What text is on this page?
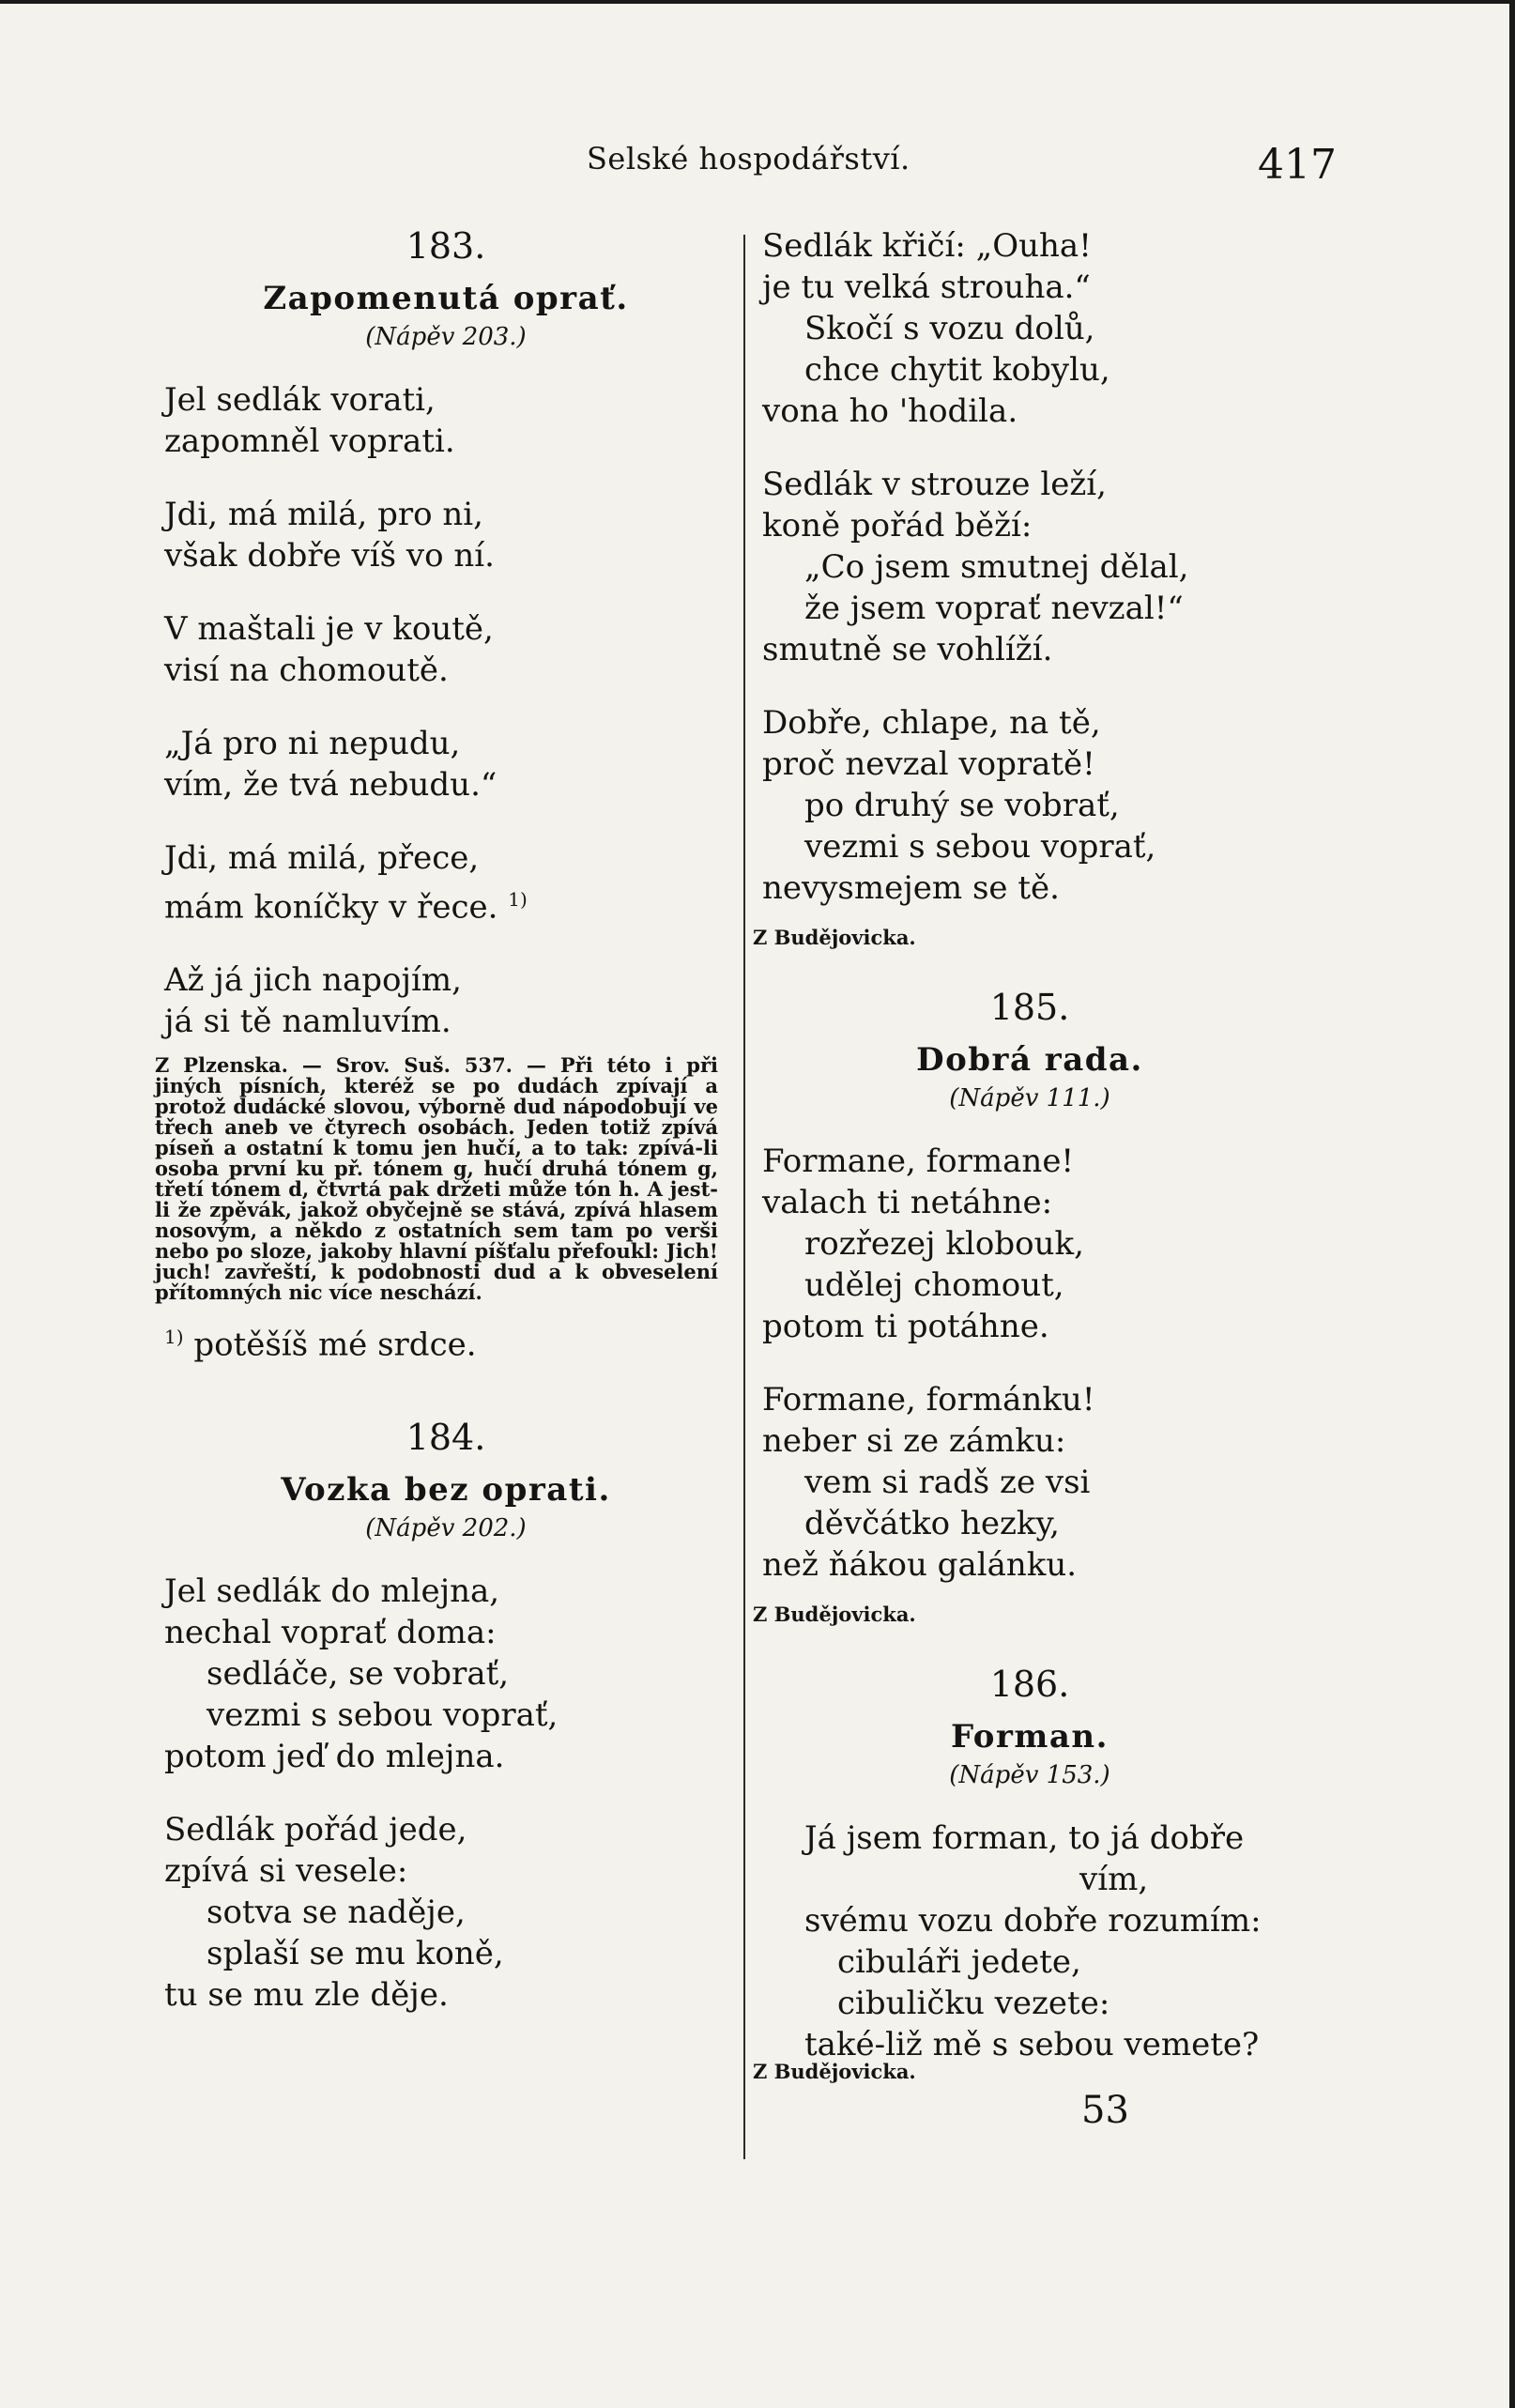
Selské hospodářství.	417
183.
Zapomenutá oprať.
(Nápěv 203.)
Jel sedlák vorati,
zapomněl voprati.
Jdi, má milá, pro ni,
však dobře víš vo ní.
V maštali je v koutě,
visí na chomoutě.
„Já pro ni nepudu,
vím, že tvá nebudu.“
Jdi, má milá, přece,
mám koníčky v řece. $^{1)}$
Až já jich napojím,
já si tě namluvím.
Z Plzenska. — Srov. Suš. 537. — Při této i při jiných písních, kteréž se po dudách zpívají a protož dudácké slovou, výborně dud nápodobují ve třech aneb ve čtyrech osobách. Jeden totiž zpívá píseň a ostatní k tomu jen hučí, a to tak: zpívá-li osoba první ku př. tónem g, hučí druhá tónem g, třetí tónem d, čtvrtá pak držeti může tón h. A jest-li že zpěvák, jakož obyčejně se stává, zpívá hlasem nosovým, a někdo z ostatních sem tam po verši nebo po sloze, jakoby hlavní píšťalu přefoukl: Jich! juch! zavřeští, k podobnosti dud a k obveselení přítomných nic více neschází.
$^{1)}$ potěšíš mé srdce.
184.
Vozka bez oprati.
(Nápěv 202.)
Jel sedlák do mlejna,
nechal voprať doma:
sedláče, se vobrať,
vezmi s sebou voprať,
potom jeď do mlejna.
Sedlák pořád jede,
zpívá si vesele:
sotva se naděje,
splaší se mu koně,
tu se mu zle děje.
Sedlák křičí: „Ouha!
je tu velká strouha.“
Skočí s vozu dolů,
chce chytit kobylu,
vona ho 'hodila.
Sedlák v strouze leží,
koně pořád běží:
„Co jsem smutnej dělal,
že jsem voprať nevzal!“
smutně se vohlíží.
Dobře, chlape, na tě,
proč nevzal vopratě!
po druhý se vobrať,
vezmi s sebou voprať,
nevysmejem se tě.
Z Budějovicka.
185.
Dobrá rada.
(Nápěv 111.)
Formane, formane!
valach ti netáhne:
rozřezej klobouk,
udělej chomout,
potom ti potáhne.
Formane, formánku!
neber si ze zámku:
vem si radš ze vsi
děvčátko hezky,
než ňákou galánku.
Z Budějovicka.
186.
Forman.
(Nápěv 153.)
Já jsem forman, to já dobře
vím,
svému vozu dobře rozumím:
cibuláři jedete,
cibuličku vezete:
také-liž mě s sebou vemete?
Z Budějovicka.
53
